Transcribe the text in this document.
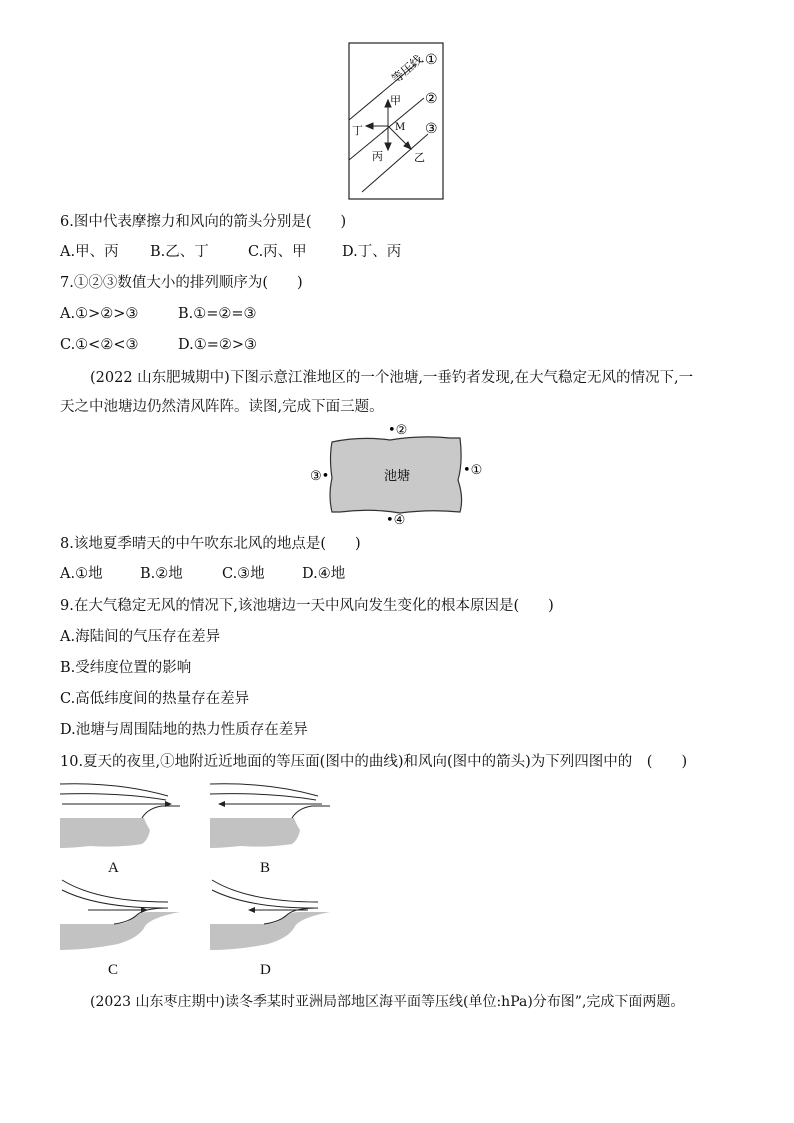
等压线 ①
②
③
甲
丁	M
丙	乙
6.图中代表摩擦力和风向的箭头分别是(　　)
A.甲、丙 B.乙、丁	C.丙、甲 D.丁、丙
7.①②③数值大小的排列顺序为(　　)
A.①>②>③	B.①=②=③
C.①<②<③	D.①=②>③
(2022 山东肥城期中)下图示意江淮地区的一个池塘,一垂钓者发现,在大气稳定无风的情况下,一
天之中池塘边仍然清风阵阵。读图,完成下面三题。
池塘
•②
•①
③•
•④
8.该地夏季晴天的中午吹东北风的地点是(　　)
A.①地	B.②地	C.③地	D.④地
9.在大气稳定无风的情况下,该池塘边一天中风向发生变化的根本原因是(　　)
A.海陆间的气压存在差异
B.受纬度位置的影响
C.高低纬度间的热量存在差异
D.池塘与周围陆地的热力性质存在差异
10.夏天的夜里,①地附近近地面的等压面(图中的曲线)和风向(图中的箭头)为下列四图中的　(　　)
A	B
C	D
(2023 山东枣庄期中)读冬季某时亚洲局部地区海平面等压线(单位:hPa)分布图”,完成下面两题。
